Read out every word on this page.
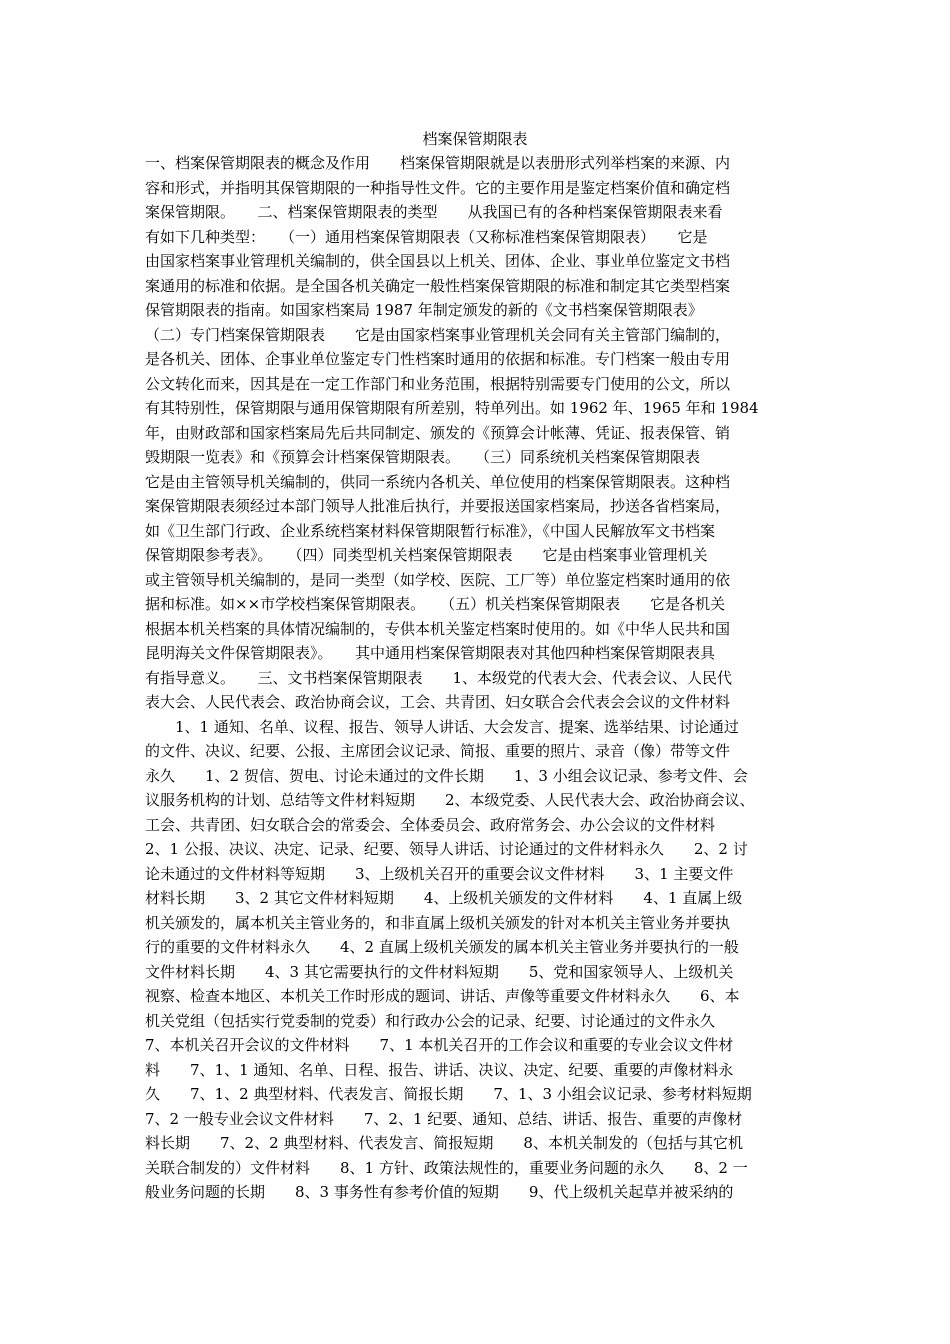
档案保管期限表
一、档案保管期限表的概念及作用　　档案保管期限就是以表册形式列举档案的来源、内
容和形式，并指明其保管期限的一种指导性文件。它的主要作用是鉴定档案价值和确定档
案保管期限。　　二、档案保管期限表的类型　　从我国已有的各种档案保管期限表来看
有如下几种类型：　　（一）通用档案保管期限表（又称标准档案保管期限表）　　它是
由国家档案事业管理机关编制的，供全国县以上机关、团体、企业、事业单位鉴定文书档
案通用的标准和依据。是全国各机关确定一般性档案保管期限的标准和制定其它类型档案
保管期限表的指南。如国家档案局 1987 年制定颁发的新的《文书档案保管期限表》
（二）专门档案保管期限表　　它是由国家档案事业管理机关会同有关主管部门编制的，
是各机关、团体、企事业单位鉴定专门性档案时通用的依据和标准。专门档案一般由专用
公文转化而来，因其是在一定工作部门和业务范围，根据特别需要专门使用的公文，所以
有其特别性，保管期限与通用保管期限有所差别，特单列出。如 1962 年、1965 年和 1984
年，由财政部和国家档案局先后共同制定、颁发的《预算会计帐薄、凭证、报表保管、销
毁期限一览表》和《预算会计档案保管期限表。　　（三）同系统机关档案保管期限表
它是由主管领导机关编制的，供同一系统内各机关、单位使用的档案保管期限表。这种档
案保管期限表须经过本部门领导人批准后执行，并要报送国家档案局，抄送各省档案局，
如《卫生部门行政、企业系统档案材料保管期限暂行标准》，《中国人民解放军文书档案
保管期限参考表》。　　（四）同类型机关档案保管期限表　　它是由档案事业管理机关
或主管领导机关编制的，是同一类型（如学校、医院、工厂等）单位鉴定档案时通用的依
据和标准。如××市学校档案保管期限表。　　（五）机关档案保管期限表　　它是各机关
根据本机关档案的具体情况编制的，专供本机关鉴定档案时使用的。如《中华人民共和国
昆明海关文件保管期限表》。　　其中通用档案保管期限表对其他四种档案保管期限表具
有指导意义。　　三、文书档案保管期限表　　1、本级党的代表大会、代表会议、人民代
表大会、人民代表会、政治协商会议，工会、共青团、妇女联合会代表会会议的文件材料
　　1、1 通知、名单、议程、报告、领导人讲话、大会发言、提案、选举结果、讨论通过
的文件、决议、纪要、公报、主席团会议记录、简报、重要的照片、录音（像）带等文件
永久　　1、2 贺信、贺电、讨论未通过的文件长期　　1、3 小组会议记录、参考文件、会
议服务机构的计划、总结等文件材料短期　　2、本级党委、人民代表大会、政治协商会议、
工会、共青团、妇女联合会的常委会、全体委员会、政府常务会、办公会议的文件材料
2、1 公报、决议、决定、记录、纪要、领导人讲话、讨论通过的文件材料永久　　2、2 讨
论未通过的文件材料等短期　　3、上级机关召开的重要会议文件材料　　3、1 主要文件
材料长期　　3、2 其它文件材料短期　　4、上级机关颁发的文件材料　　4、1 直属上级
机关颁发的，属本机关主管业务的，和非直属上级机关颁发的针对本机关主管业务并要执
行的重要的文件材料永久　　4、2 直属上级机关颁发的属本机关主管业务并要执行的一般
文件材料长期　　4、3 其它需要执行的文件材料短期　　5、党和国家领导人、上级机关
视察、检查本地区、本机关工作时形成的题词、讲话、声像等重要文件材料永久　　6、本
机关党组（包括实行党委制的党委）和行政办公会的记录、纪要、讨论通过的文件永久
7、本机关召开会议的文件材料　　7、1 本机关召开的工作会议和重要的专业会议文件材
料　　7、1、1 通知、名单、日程、报告、讲话、决议、决定、纪要、重要的声像材料永
久　　7、1、2 典型材料、代表发言、简报长期　　7、1、3 小组会议记录、参考材料短期
7、2 一般专业会议文件材料　　7、2、1 纪要、通知、总结、讲话、报告、重要的声像材
料长期　　7、2、2 典型材料、代表发言、简报短期　　8、本机关制发的（包括与其它机
关联合制发的）文件材料　　8、1 方针、政策法规性的，重要业务问题的永久　　8、2 一
般业务问题的长期　　8、3 事务性有参考价值的短期　　9、代上级机关起草并被采纳的
